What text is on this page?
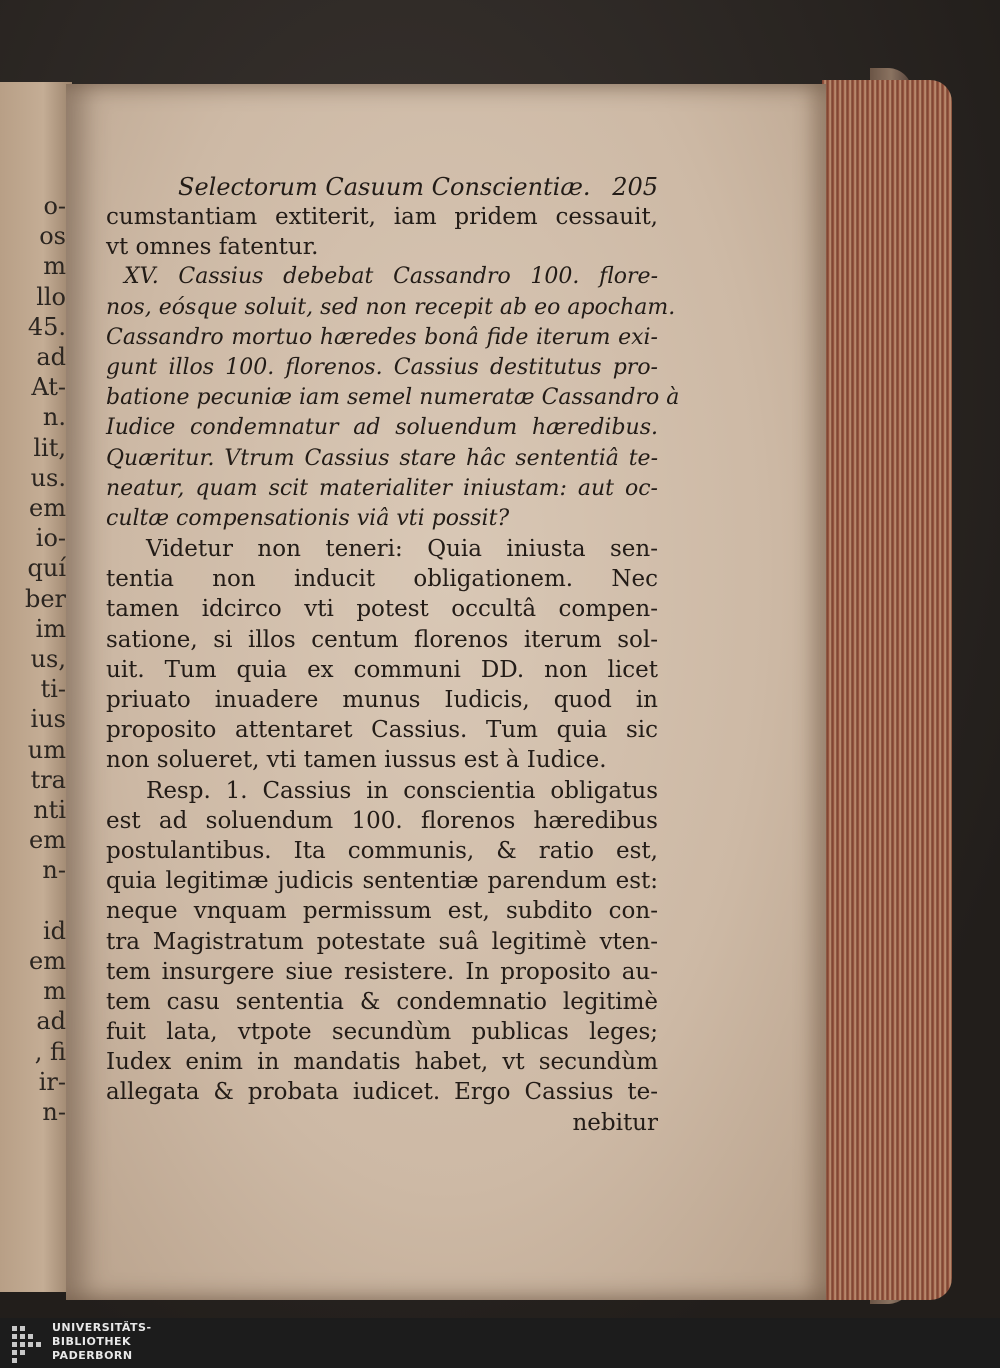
o-
os
m
llo
45.
ad
At-
n.
lit,
us.
em
io-
quí
ber
im
us,
ti-
ius
um
tra
nti
em
n-
id
em
m
ad
, fi
ir-
n-
Selectorum Casuum Conscientiæ. 205
cumstantiam extiterit, iam pridem cessauit,
vt omnes fatentur.
XV. Cassius debebat Cassandro 100. flore-
nos, eósque soluit, sed non recepit ab eo apocham.
Cassandro mortuo hæredes bonâ fide iterum exi-
gunt illos 100. florenos. Cassius destitutus pro-
batione pecuniæ iam semel numeratæ Cassandro à
Iudice condemnatur ad soluendum hæredibus.
Quæritur. Vtrum Cassius stare hâc sententiâ te-
neatur, quam scit materialiter iniustam: aut oc-
cultæ compensationis viâ vti possit?
Videtur non teneri: Quia iniusta sen-
tentia non inducit obligationem. Nec
tamen idcirco vti potest occultâ compen-
satione, si illos centum florenos iterum sol-
uit. Tum quia ex communi DD. non licet
priuato inuadere munus Iudicis, quod in
proposito attentaret Cassius. Tum quia sic
non solueret, vti tamen iussus est à Iudice.
Resp. 1. Cassius in conscientia obligatus
est ad soluendum 100. florenos hæredibus
postulantibus. Ita communis, & ratio est,
quia legitimæ judicis sententiæ parendum est:
neque vnquam permissum est, subdito con-
tra Magistratum potestate suâ legitimè vten-
tem insurgere siue resistere. In proposito au-
tem casu sententia & condemnatio legitimè
fuit lata, vtpote secundùm publicas leges;
Iudex enim in mandatis habet, vt secundùm
allegata & probata iudicet. Ergo Cassius te-
nebitur
UNIVERSITÄTS-
BIBLIOTHEK
PADERBORN
